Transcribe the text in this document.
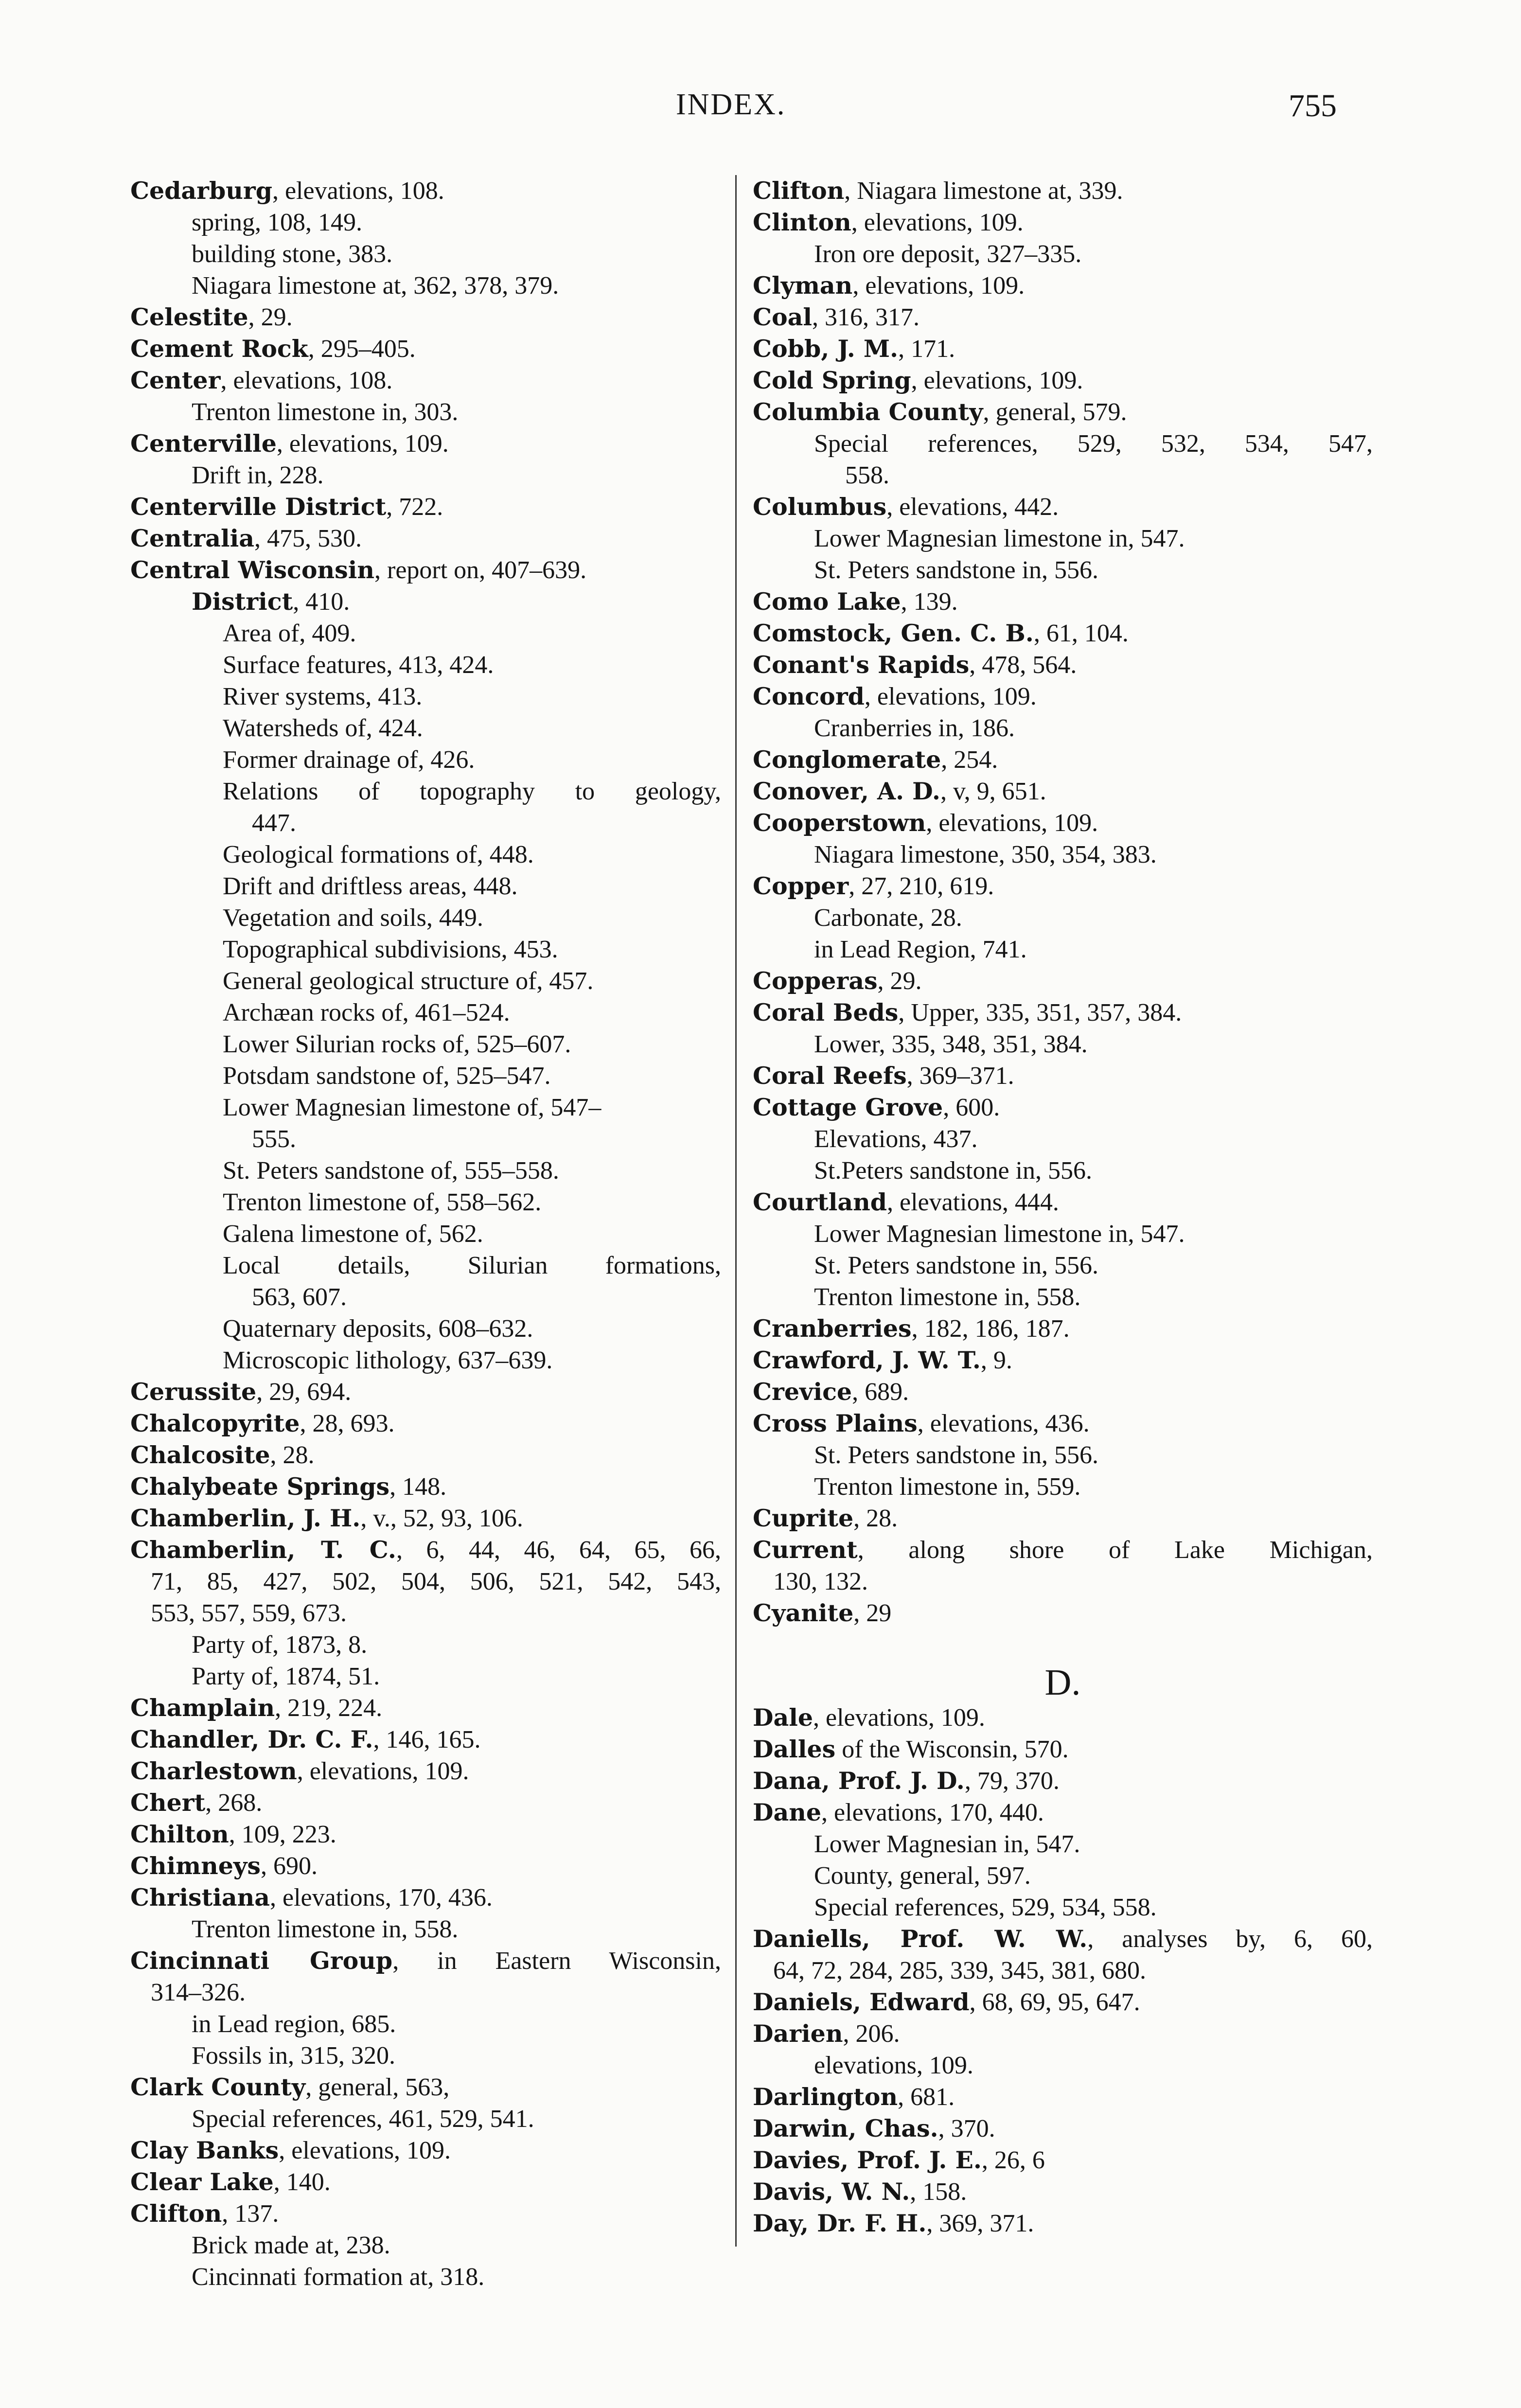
INDEX.	755
Cedarburg, elevations, 108.
spring, 108, 149.
building stone, 383.
Niagara limestone at, 362, 378, 379.
Celestite, 29.
Cement Rock, 295–405.
Center, elevations, 108.
Trenton limestone in, 303.
Centerville, elevations, 109.
Drift in, 228.
Centerville District, 722.
Centralia, 475, 530.
Central Wisconsin, report on, 407–639.
District, 410.
Area of, 409.
Surface features, 413, 424.
River systems, 413.
Watersheds of, 424.
Former drainage of, 426.
Relations of topography to geology,
447.
Geological formations of, 448.
Drift and driftless areas, 448.
Vegetation and soils, 449.
Topographical subdivisions, 453.
General geological structure of, 457.
Archæan rocks of, 461–524.
Lower Silurian rocks of, 525–607.
Potsdam sandstone of, 525–547.
Lower Magnesian limestone of, 547–
555.
St. Peters sandstone of, 555–558.
Trenton limestone of, 558–562.
Galena limestone of, 562.
Local details, Silurian formations,
563, 607.
Quaternary deposits, 608–632.
Microscopic lithology, 637–639.
Cerussite, 29, 694.
Chalcopyrite, 28, 693.
Chalcosite, 28.
Chalybeate Springs, 148.
Chamberlin, J. H., v., 52, 93, 106.
Chamberlin, T. C., 6, 44, 46, 64, 65, 66,
71, 85, 427, 502, 504, 506, 521, 542, 543,
553, 557, 559, 673.
Party of, 1873, 8.
Party of, 1874, 51.
Champlain, 219, 224.
Chandler, Dr. C. F., 146, 165.
Charlestown, elevations, 109.
Chert, 268.
Chilton, 109, 223.
Chimneys, 690.
Christiana, elevations, 170, 436.
Trenton limestone in, 558.
Cincinnati Group, in Eastern Wisconsin,
314–326.
in Lead region, 685.
Fossils in, 315, 320.
Clark County, general, 563,
Special references, 461, 529, 541.
Clay Banks, elevations, 109.
Clear Lake, 140.
Clifton, 137.
Brick made at, 238.
Cincinnati formation at, 318.
Clifton, Niagara limestone at, 339.
Clinton, elevations, 109.
Iron ore deposit, 327–335.
Clyman, elevations, 109.
Coal, 316, 317.
Cobb, J. M., 171.
Cold Spring, elevations, 109.
Columbia County, general, 579.
Special references, 529, 532, 534, 547,
558.
Columbus, elevations, 442.
Lower Magnesian limestone in, 547.
St. Peters sandstone in, 556.
Como Lake, 139.
Comstock, Gen. C. B., 61, 104.
Conant's Rapids, 478, 564.
Concord, elevations, 109.
Cranberries in, 186.
Conglomerate, 254.
Conover, A. D., v, 9, 651.
Cooperstown, elevations, 109.
Niagara limestone, 350, 354, 383.
Copper, 27, 210, 619.
Carbonate, 28.
in Lead Region, 741.
Copperas, 29.
Coral Beds, Upper, 335, 351, 357, 384.
Lower, 335, 348, 351, 384.
Coral Reefs, 369–371.
Cottage Grove, 600.
Elevations, 437.
St.Peters sandstone in, 556.
Courtland, elevations, 444.
Lower Magnesian limestone in, 547.
St. Peters sandstone in, 556.
Trenton limestone in, 558.
Cranberries, 182, 186, 187.
Crawford, J. W. T., 9.
Crevice, 689.
Cross Plains, elevations, 436.
St. Peters sandstone in, 556.
Trenton limestone in, 559.
Cuprite, 28.
Current, along shore of Lake Michigan,
130, 132.
Cyanite, 29
D.
Dale, elevations, 109.
Dalles of the Wisconsin, 570.
Dana, Prof. J. D., 79, 370.
Dane, elevations, 170, 440.
Lower Magnesian in, 547.
County, general, 597.
Special references, 529, 534, 558.
Daniells, Prof. W. W., analyses by, 6, 60,
64, 72, 284, 285, 339, 345, 381, 680.
Daniels, Edward, 68, 69, 95, 647.
Darien, 206.
elevations, 109.
Darlington, 681.
Darwin, Chas., 370.
Davies, Prof. J. E., 26, 6
Davis, W. N., 158.
Day, Dr. F. H., 369, 371.
